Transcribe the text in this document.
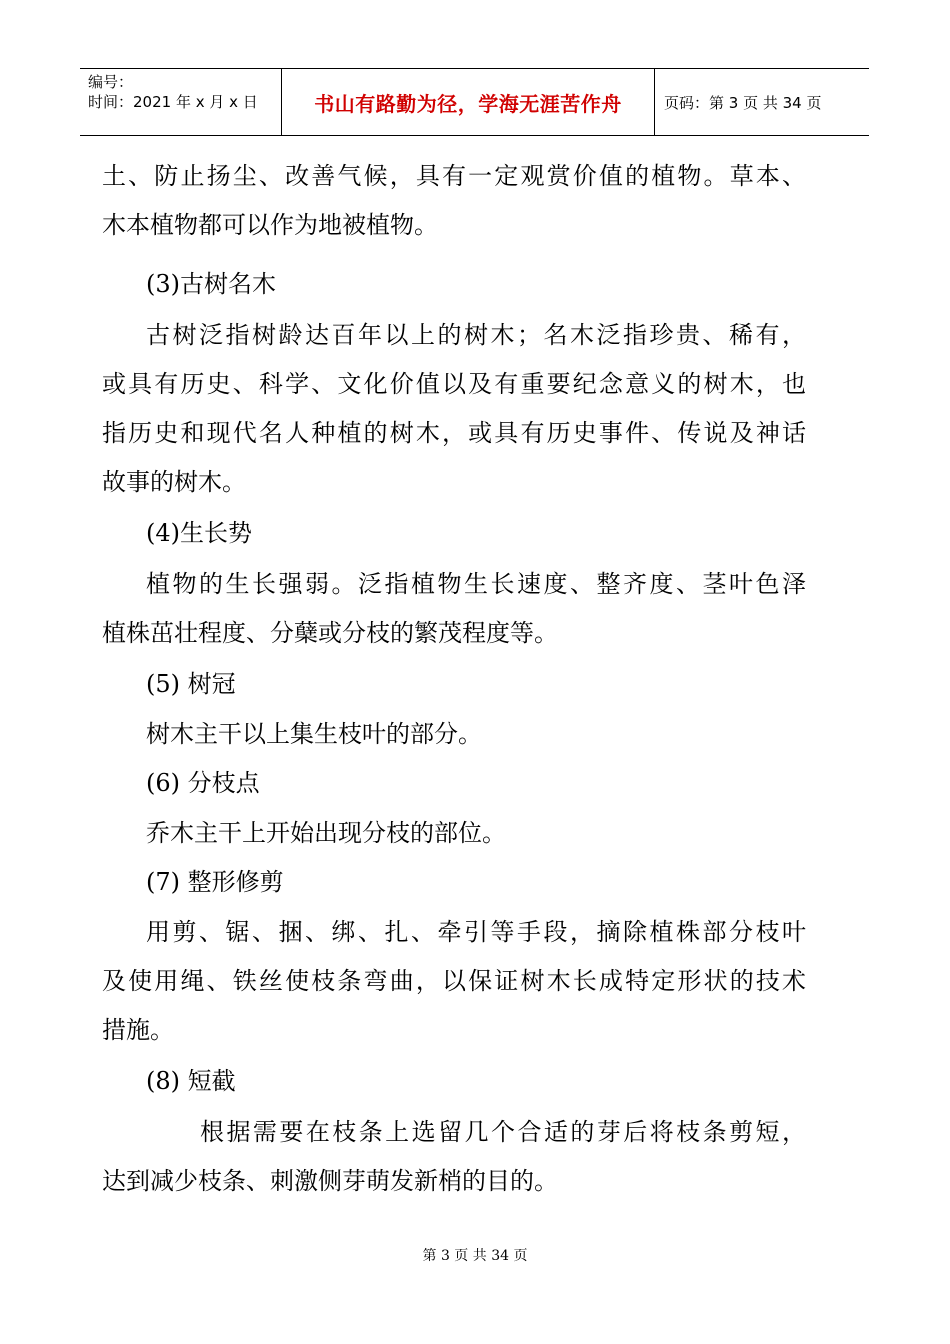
编号：
时间：2021 年 x 月 x 日	书山有路勤为径，学海无涯苦作舟	页码：第 3 页 共 34 页
土、防止扬尘、改善气候，具有一定观赏价值的植物。草本、
木本植物都可以作为地被植物。
(3)古树名木
古树泛指树龄达百年以上的树木；名木泛指珍贵、稀有，
或具有历史、科学、文化价值以及有重要纪念意义的树木，也
指历史和现代名人种植的树木，或具有历史事件、传说及神话
故事的树木。
(4)生长势
植物的生长强弱。泛指植物生长速度、整齐度、茎叶色泽
植株茁壮程度、分蘖或分枝的繁茂程度等。
(5) 树冠
树木主干以上集生枝叶的部分。
(6) 分枝点
乔木主干上开始出现分枝的部位。
(7) 整形修剪
用剪、锯、捆、绑、扎、牵引等手段，摘除植株部分枝叶
及使用绳、铁丝使枝条弯曲，以保证树木长成特定形状的技术
措施。
(8) 短截
根据需要在枝条上选留几个合适的芽后将枝条剪短，
达到减少枝条、刺激侧芽萌发新梢的目的。
第 3 页 共 34 页
